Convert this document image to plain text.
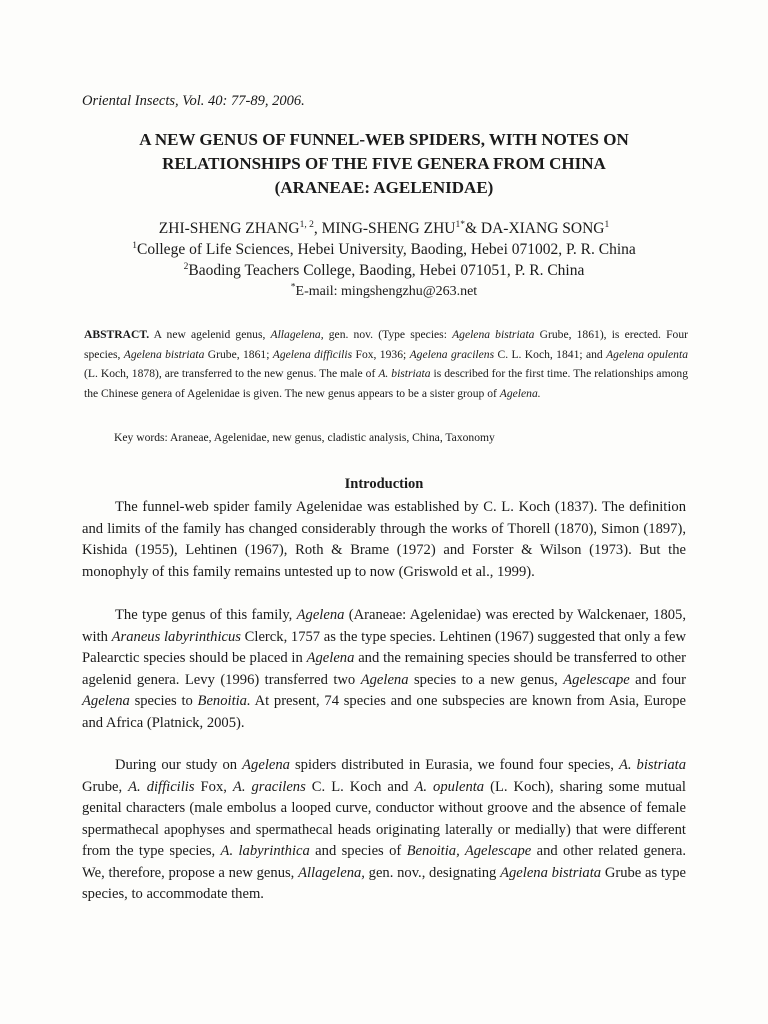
Oriental Insects, Vol. 40: 77-89, 2006.
A NEW GENUS OF FUNNEL-WEB SPIDERS, WITH NOTES ON
RELATIONSHIPS OF THE FIVE GENERA FROM CHINA
(ARANEAE: AGELENIDAE)
ZHI-SHENG ZHANG$^{1, 2}$, MING-SHENG $ZHU^{1*}\&$ DA-XIANG SONG$^1$
$^1$College of Life Sciences, Hebei University, Baoding, Hebei 071002, P. R. China
$^2$Baoding Teachers College, Baoding, Hebei 071051, P. R. China
*E-mail: mingshengzhu@263.net

ABSTRACT. A new agelenid genus, Allagelena, gen. nov. (Type species: Agelena bistriata Grube, 1861), is erected. Four species, Agelena bistriata Grube, 1861; Agelena difficilis Fox, 1936; Agelena gracilens C. L. Koch, 1841; and Agelena opulenta (L. Koch, 1878), are transferred to the new genus. The male of A. bistriata is described for the first time. The relationships among the Chinese genera of Agelenidae is given. The new genus appears to be a sister group of Agelena.

Key words: Araneae, Agelenidae, new genus, cladistic analysis, China, Taxonomy
Introduction

The funnel-web spider family Agelenidae was established by C. L. Koch (1837). The definition and limits of the family has changed considerably through the works of Thorell (1870), Simon (1897), Kishida (1955), Lehtinen (1967), Roth & Brame (1972) and Forster & Wilson (1973). But the monophyly of this family remains untested up to now (Griswold et al., 1999).

The type genus of this family, Agelena (Araneae: Agelenidae) was erected by Walckenaer, 1805, with Araneus labyrinthicus Clerck, 1757 as the type species. Lehtinen (1967) suggested that only a few Palearctic species should be placed in Agelena and the remaining species should be transferred to other agelenid genera. Levy (1996) transferred two Agelena species to a new genus, Agelescape and four Agelena species to Benoitia. At present, 74 species and one subspecies are known from Asia, Europe and Africa (Platnick, 2005).

During our study on Agelena spiders distributed in Eurasia, we found four species, A. bistriata Grube, A. difficilis Fox, A. gracilens C. L. Koch and A. opulenta (L. Koch), sharing some mutual genital characters (male embolus a looped curve, conductor without groove and the absence of female spermathecal apophyses and spermathecal heads originating laterally or medially) that were different from the type species, A. labyrinthica and species of Benoitia, Agelescape and other related genera. We, therefore, propose a new genus, Allagelena, gen. nov., designating Agelena bistriata Grube as type species, to accommodate them.
